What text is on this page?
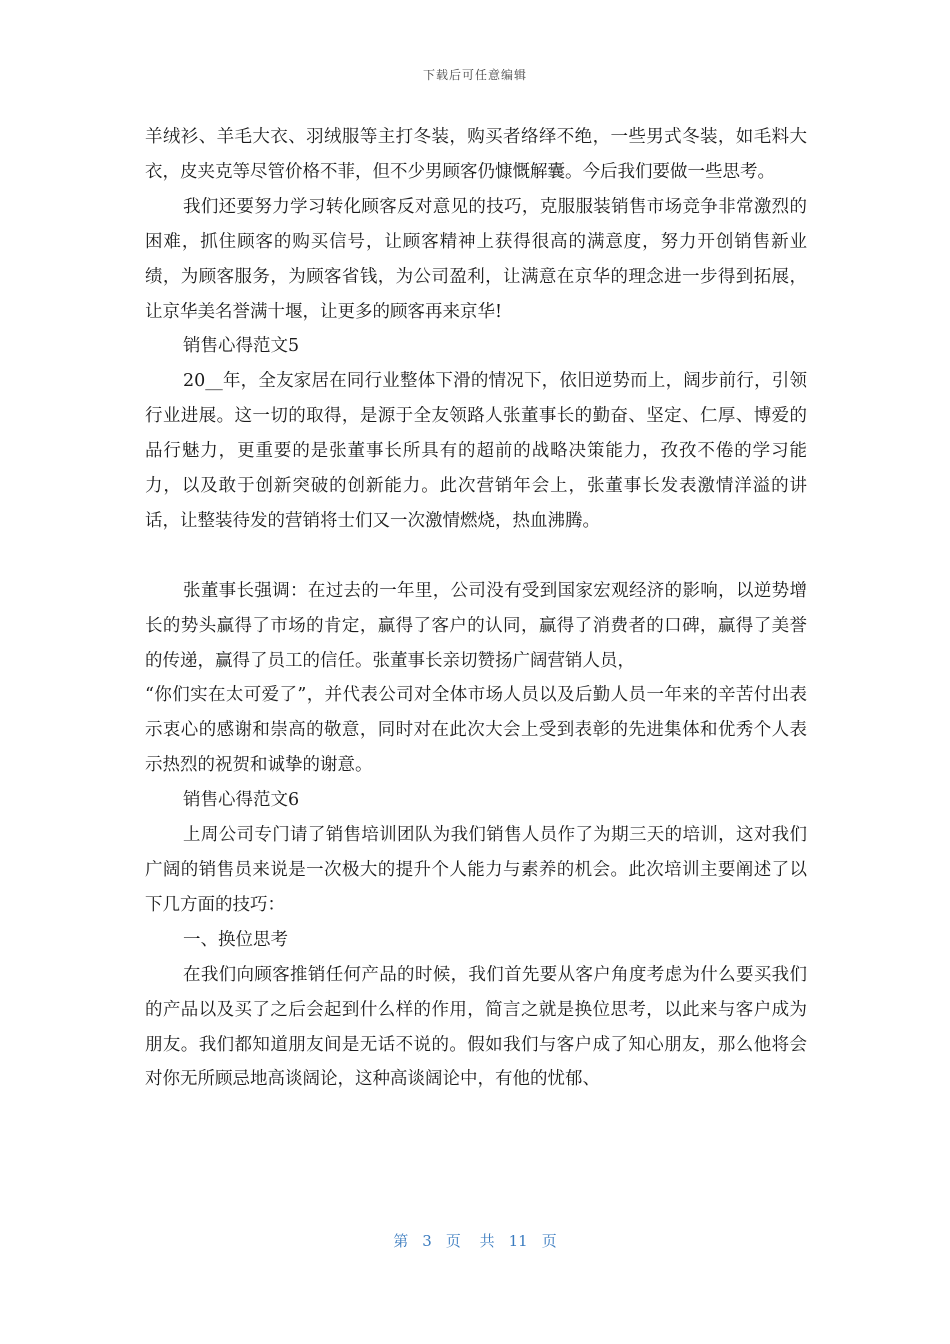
下载后可任意编辑

羊绒衫、羊毛大衣、羽绒服等主打冬装，购买者络绎不绝，一些男式冬装，如毛料大衣，皮夹克等尽管价格不菲，但不少男顾客仍慷慨解囊。今后我们要做一些思考。

我们还要努力学习转化顾客反对意见的技巧，克服服装销售市场竞争非常激烈的困难，抓住顾客的购买信号，让顾客精神上获得很高的满意度，努力开创销售新业绩，为顾客服务，为顾客省钱，为公司盈利，让满意在京华的理念进一步得到拓展，让京华美名誉满十堰，让更多的顾客再来京华!

销售心得范文5

20__年，全友家居在同行业整体下滑的情况下，依旧逆势而上，阔步前行，引领行业进展。这一切的取得，是源于全友领路人张董事长的勤奋、坚定、仁厚、博爱的品行魅力，更重要的是张董事长所具有的超前的战略决策能力，孜孜不倦的学习能力，以及敢于创新突破的创新能力。此次营销年会上，张董事长发表激情洋溢的讲话，让整装待发的营销将士们又一次激情燃烧，热血沸腾。

张董事长强调：在过去的一年里，公司没有受到国家宏观经济的影响，以逆势增长的势头赢得了市场的肯定，赢得了客户的认同，赢得了消费者的口碑，赢得了美誉的传递，赢得了员工的信任。张董事长亲切赞扬广阔营销人员，

“你们实在太可爱了”，并代表公司对全体市场人员以及后勤人员一年来的辛苦付出表示衷心的感谢和崇高的敬意，同时对在此次大会上受到表彰的先进集体和优秀个人表示热烈的祝贺和诚挚的谢意。

销售心得范文6

上周公司专门请了销售培训团队为我们销售人员作了为期三天的培训，这对我们广阔的销售员来说是一次极大的提升个人能力与素养的机会。此次培训主要阐述了以下几方面的技巧：

一、换位思考

在我们向顾客推销任何产品的时候，我们首先要从客户角度考虑为什么要买我们的产品以及买了之后会起到什么样的作用，简言之就是换位思考，以此来与客户成为朋友。我们都知道朋友间是无话不说的。假如我们与客户成了知心朋友，那么他将会对你无所顾忌地高谈阔论，这种高谈阔论中，有他的忧郁、

第 3 页 共 11 页
